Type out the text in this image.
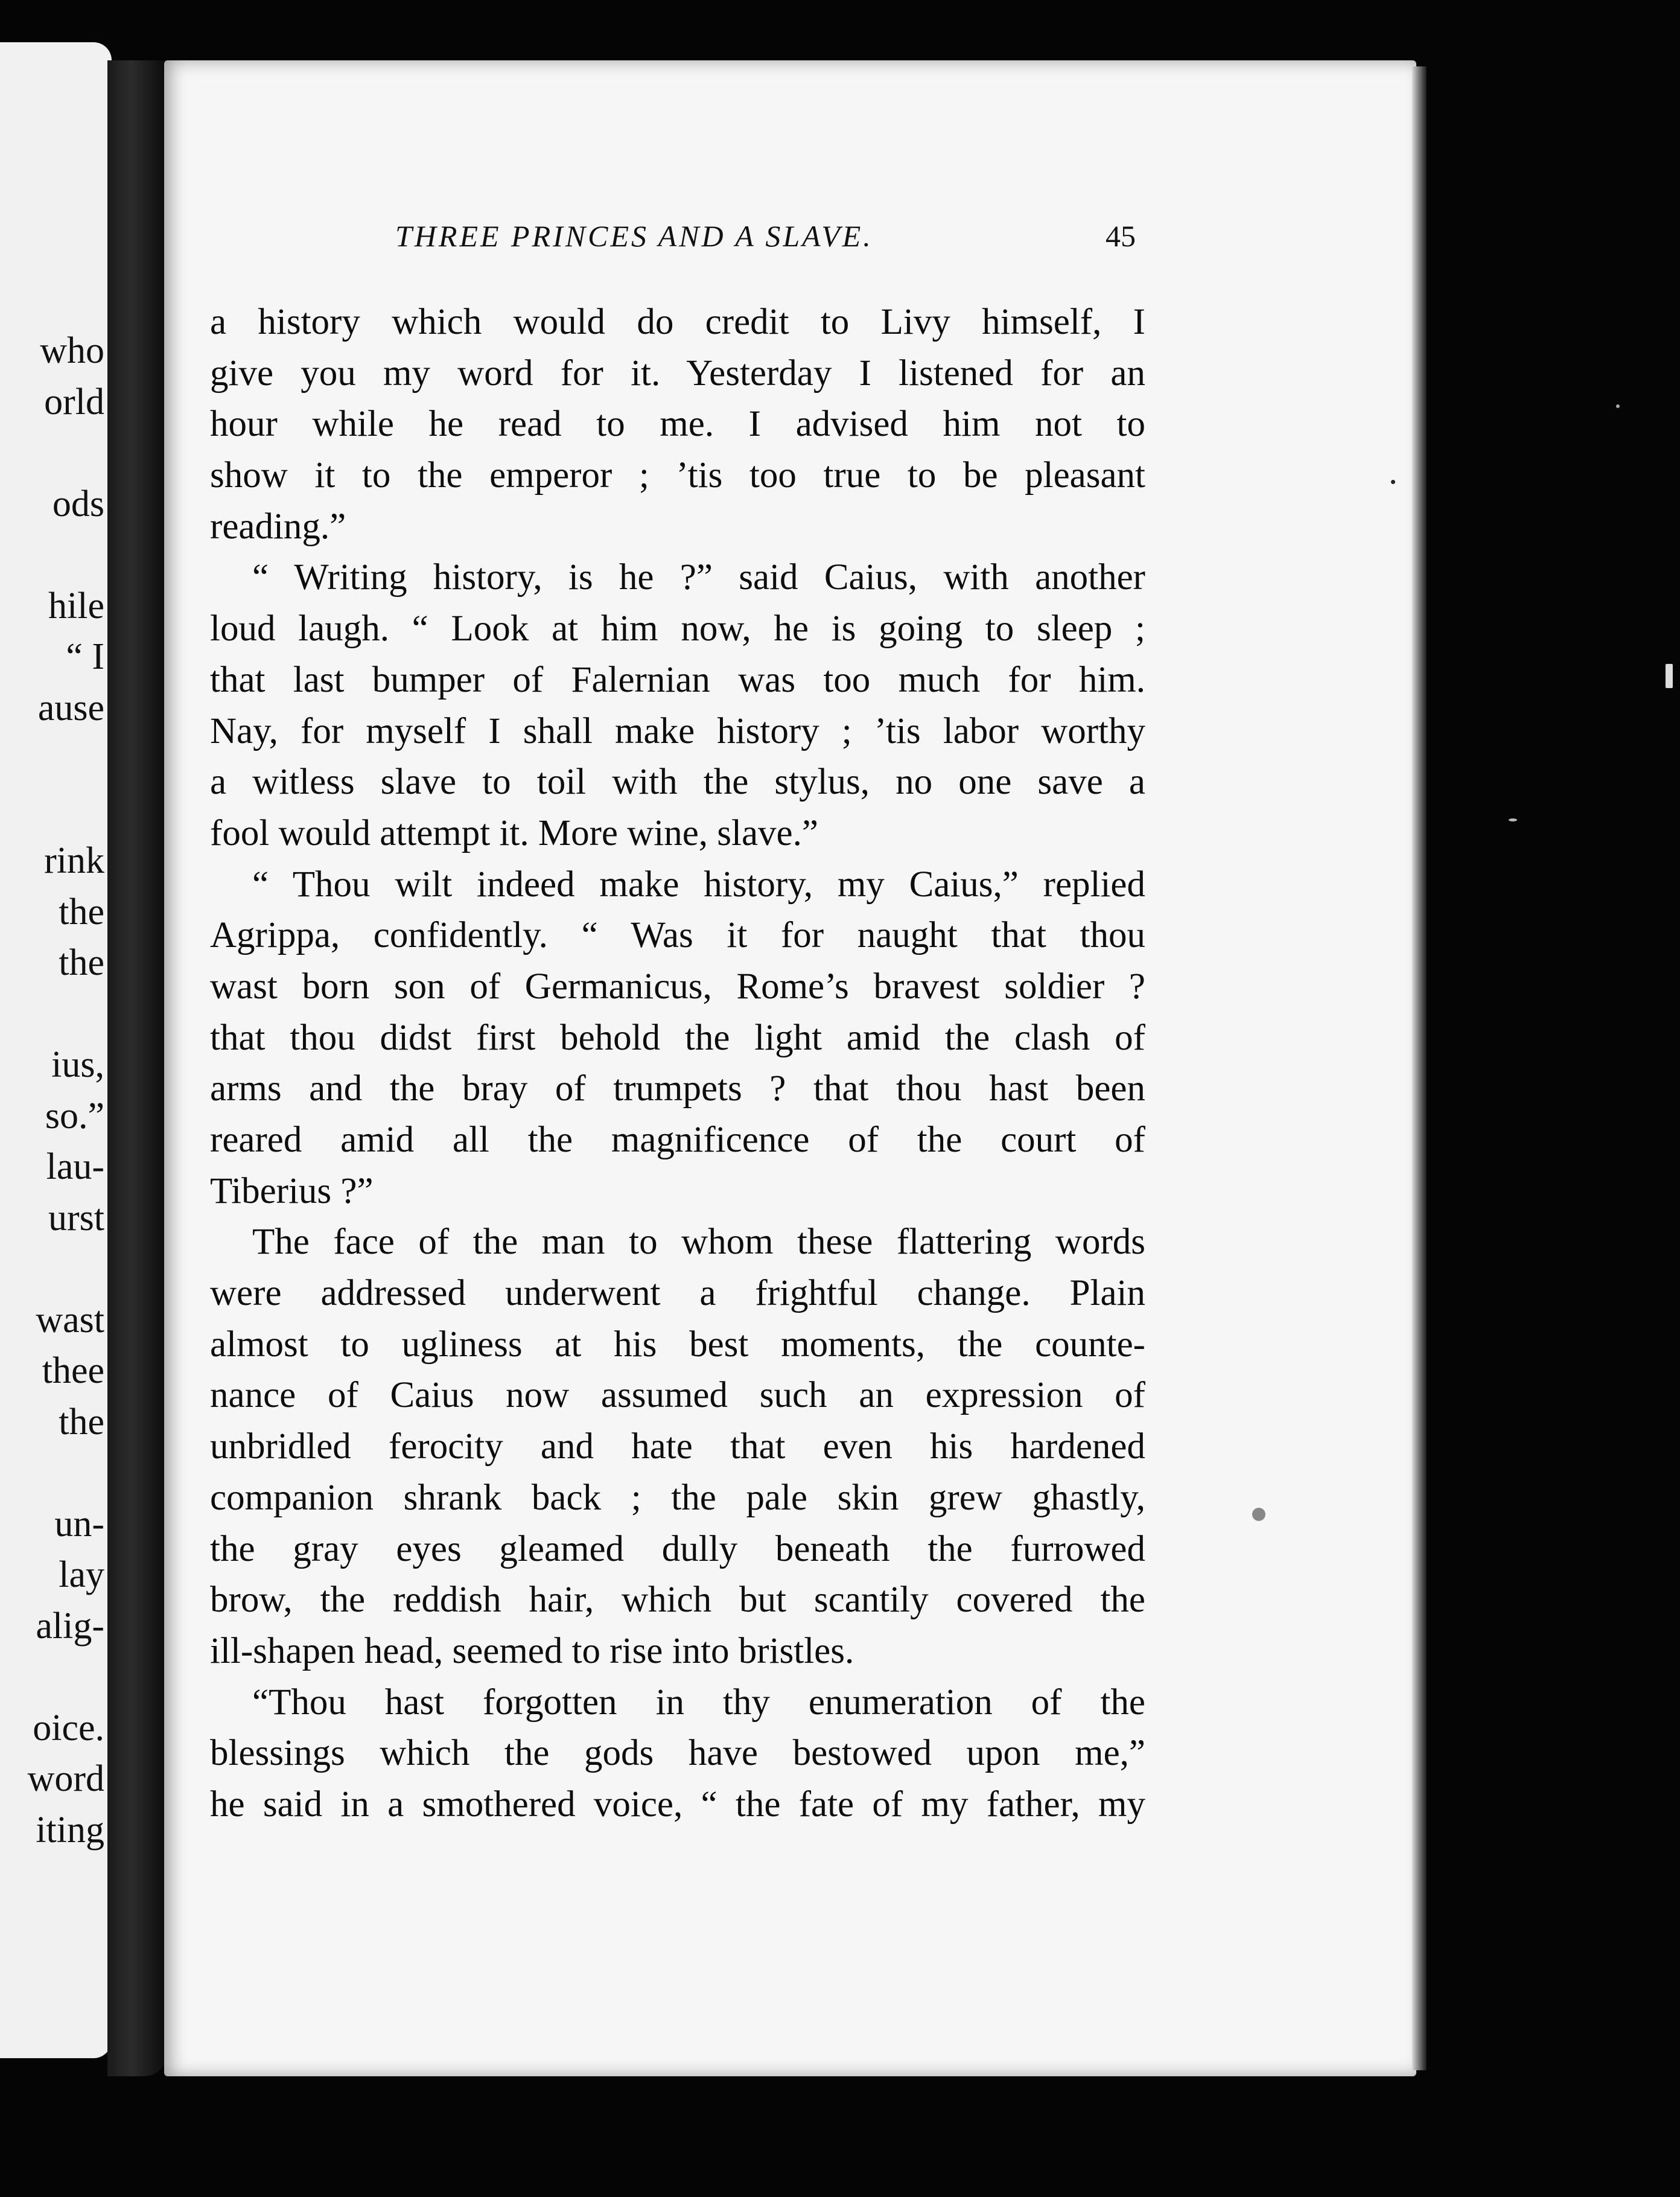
who
orld
ods
hile
“ I
ause
rink
the
the
ius,
so.”
lau-
urst
wast
thee
the
un-
lay
alig-
oice.
word
iting
THREE PRINCES AND A SLAVE.	45
a history which would do credit to Livy himself, I
give you my word for it. Yesterday I listened for an
hour while he read to me. I advised him not to
show it to the emperor ; ’tis too true to be pleasant
reading.”
“ Writing history, is he ?” said Caius, with another
loud laugh. “ Look at him now, he is going to sleep ;
that last bumper of Falernian was too much for him.
Nay, for myself I shall make history ; ’tis labor worthy
a witless slave to toil with the stylus, no one save a
fool would attempt it. More wine, slave.”
“ Thou wilt indeed make history, my Caius,” replied
Agrippa, confidently. “ Was it for naught that thou
wast born son of Germanicus, Rome’s bravest soldier ?
that thou didst first behold the light amid the clash of
arms and the bray of trumpets ? that thou hast been
reared amid all the magnificence of the court of
Tiberius ?”
The face of the man to whom these flattering words
were addressed underwent a frightful change. Plain
almost to ugliness at his best moments, the counte-
nance of Caius now assumed such an expression of
unbridled ferocity and hate that even his hardened
companion shrank back ; the pale skin grew ghastly,
the gray eyes gleamed dully beneath the furrowed
brow, the reddish hair, which but scantily covered the
ill-shapen head, seemed to rise into bristles.
“Thou hast forgotten in thy enumeration of the
blessings which the gods have bestowed upon me,”
he said in a smothered voice, “ the fate of my father, my
